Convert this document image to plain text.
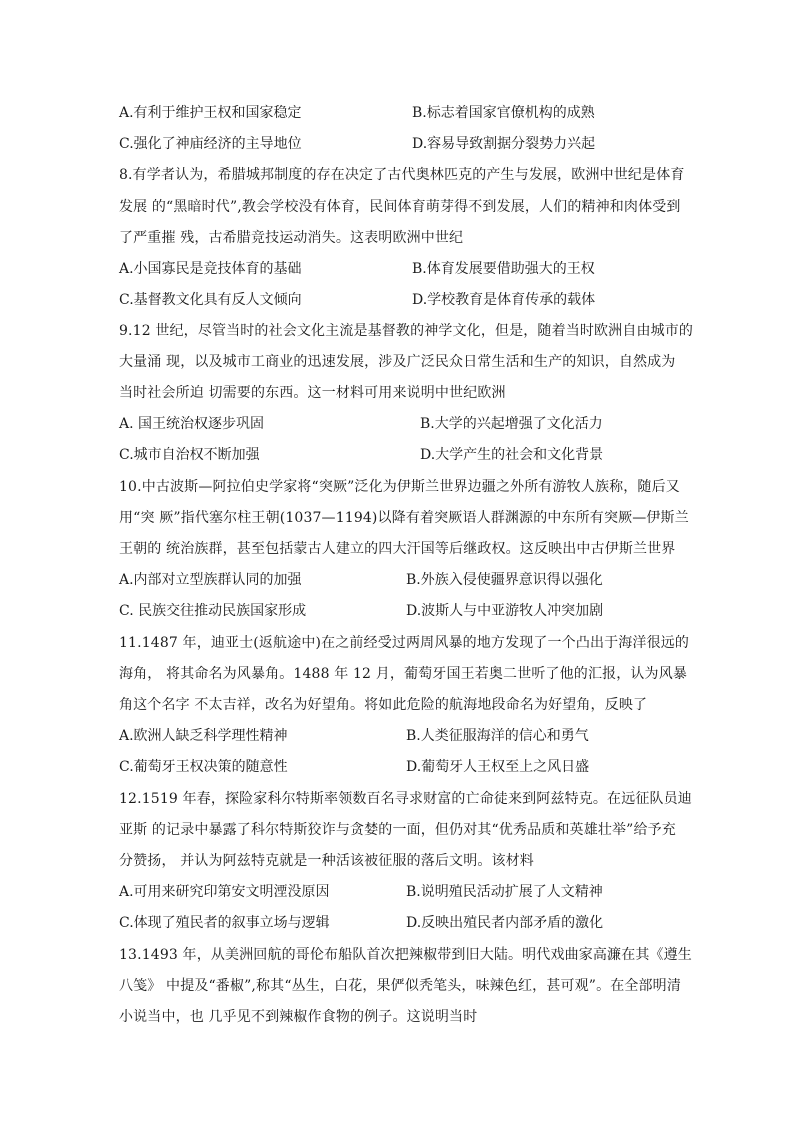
A.有利于维护王权和国家稳定	B.标志着国家官僚机构的成熟
C.强化了神庙经济的主导地位	D.容易导致割据分裂势力兴起
8.有学者认为，希腊城邦制度的存在决定了古代奥林匹克的产生与发展，欧洲中世纪是体育
发展 的“黑暗时代”,教会学校没有体育，民间体育萌芽得不到发展，人们的精神和肉体受到
了严重摧 残，古希腊竞技运动消失。这表明欧洲中世纪
A.小国寡民是竞技体育的基础	B.体育发展要借助强大的王权
C.基督教文化具有反人文倾向	D.学校教育是体育传承的载体
9.12 世纪，尽管当时的社会文化主流是基督教的神学文化，但是，随着当时欧洲自由城市的
大量涌 现，以及城市工商业的迅速发展，涉及广泛民众日常生活和生产的知识，自然成为
当时社会所迫 切需要的东西。这一材料可用来说明中世纪欧洲
A. 国王统治权逐步巩固	B.大学的兴起增强了文化活力
C.城市自治权不断加强	D.大学产生的社会和文化背景
10.中古波斯—阿拉伯史学家将“突厥”泛化为伊斯兰世界边疆之外所有游牧人族称，随后又
用“突 厥”指代塞尔柱王朝(1037—1194)以降有着突厥语人群渊源的中东所有突厥—伊斯兰
王朝的 统治族群，甚至包括蒙古人建立的四大汗国等后继政权。这反映出中古伊斯兰世界
A.内部对立型族群认同的加强	B.外族入侵使疆界意识得以强化
C. 民族交往推动民族国家形成	D.波斯人与中亚游牧人冲突加剧
11.1487 年，迪亚士(返航途中)在之前经受过两周风暴的地方发现了一个凸出于海洋很远的
海角， 将其命名为风暴角。1488 年 12 月，葡萄牙国王若奥二世听了他的汇报，认为风暴
角这个名字 不太吉祥，改名为好望角。将如此危险的航海地段命名为好望角，反映了
A.欧洲人缺乏科学理性精神	B.人类征服海洋的信心和勇气
C.葡萄牙王权决策的随意性	D.葡萄牙人王权至上之风日盛
12.1519 年春，探险家科尔特斯率领数百名寻求财富的亡命徒来到阿兹特克。在远征队员迪
亚斯 的记录中暴露了科尔特斯狡诈与贪婪的一面，但仍对其“优秀品质和英雄壮举”给予充
分赞扬， 并认为阿兹特克就是一种活该被征服的落后文明。该材料
A.可用来研究印第安文明湮没原因	B.说明殖民活动扩展了人文精神
C.体现了殖民者的叙事立场与逻辑	D.反映出殖民者内部矛盾的激化
13.1493 年，从美洲回航的哥伦布船队首次把辣椒带到旧大陆。明代戏曲家高濂在其《遵生
八笺》 中提及“番椒”,称其“丛生，白花，果俨似秃笔头，味辣色红，甚可观”。在全部明清
小说当中，也 几乎见不到辣椒作食物的例子。这说明当时
